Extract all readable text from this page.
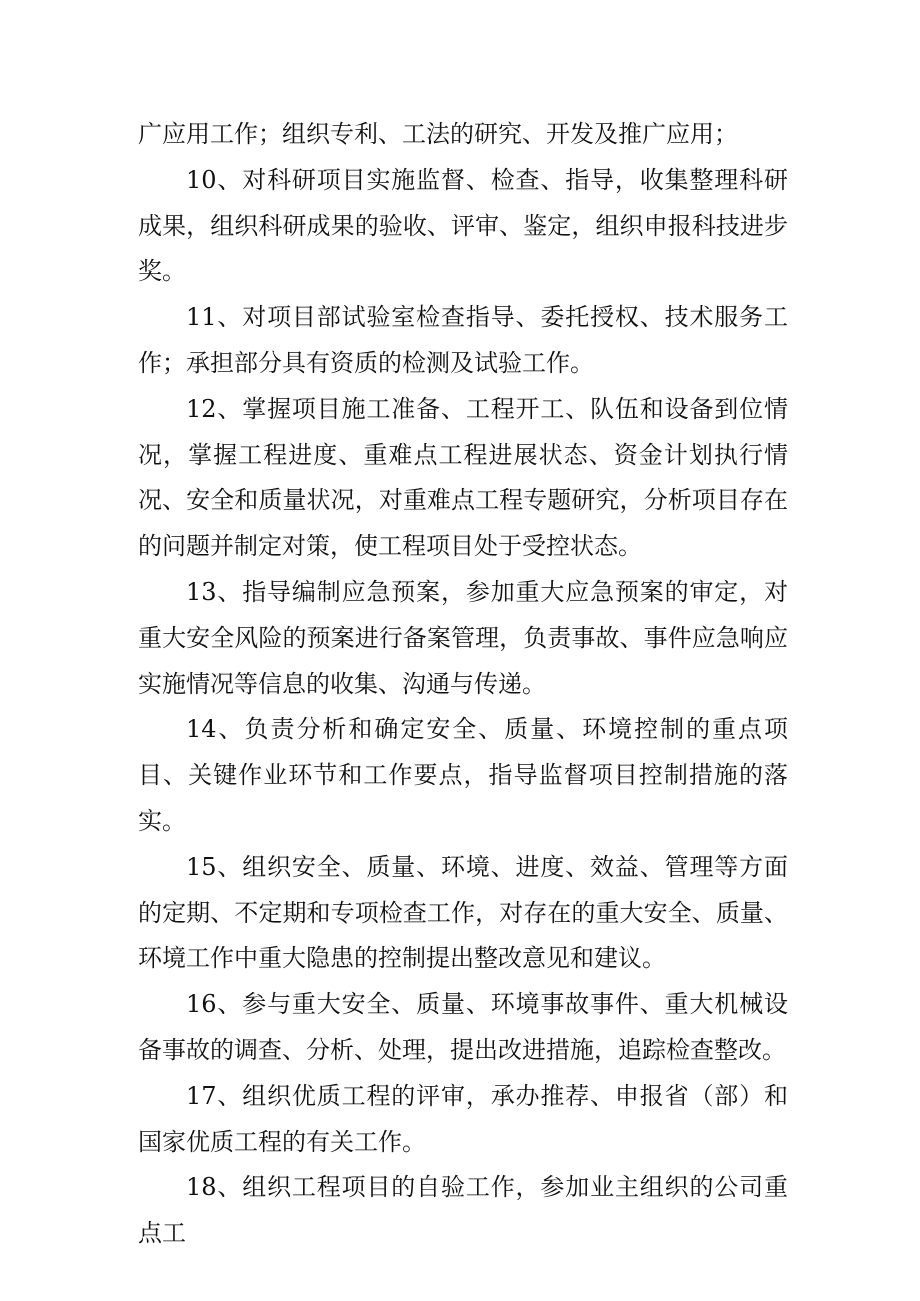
广应用工作；组织专利、工法的研究、开发及推广应用；

10、对科研项目实施监督、检查、指导，收集整理科研成果，组织科研成果的验收、评审、鉴定，组织申报科技进步奖。

11、对项目部试验室检查指导、委托授权、技术服务工作；承担部分具有资质的检测及试验工作。

12、掌握项目施工准备、工程开工、队伍和设备到位情况，掌握工程进度、重难点工程进展状态、资金计划执行情况、安全和质量状况，对重难点工程专题研究，分析项目存在的问题并制定对策，使工程项目处于受控状态。

13、指导编制应急预案，参加重大应急预案的审定，对重大安全风险的预案进行备案管理，负责事故、事件应急响应实施情况等信息的收集、沟通与传递。

14、负责分析和确定安全、质量、环境控制的重点项目、关键作业环节和工作要点，指导监督项目控制措施的落实。

15、组织安全、质量、环境、进度、效益、管理等方面的定期、不定期和专项检查工作，对存在的重大安全、质量、环境工作中重大隐患的控制提出整改意见和建议。

16、参与重大安全、质量、环境事故事件、重大机械设备事故的调查、分析、处理，提出改进措施，追踪检查整改。

17、组织优质工程的评审，承办推荐、申报省（部）和国家优质工程的有关工作。

18、组织工程项目的自验工作，参加业主组织的公司重点工
